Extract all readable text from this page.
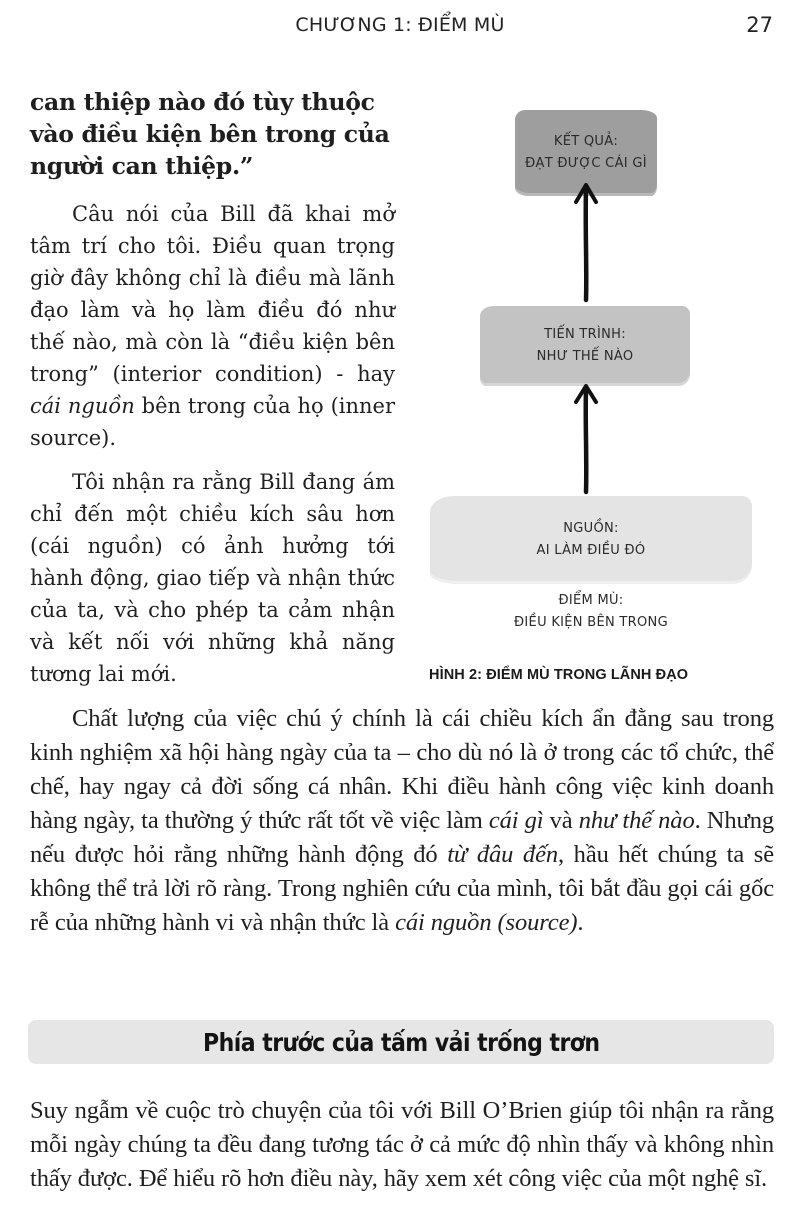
CHƯƠNG 1: ĐIỂM MÙ	27
can thiệp nào đó tùy thuộc vào điều kiện bên trong của người can thiệp.”
Câu nói của Bill đã khai mở tâm trí cho tôi. Điều quan trọng giờ đây không chỉ là điều mà lãnh đạo làm và họ làm điều đó như thế nào, mà còn là “điều kiện bên trong” (interior condition) - hay cái nguồn bên trong của họ (inner source).
Tôi nhận ra rằng Bill đang ám chỉ đến một chiều kích sâu hơn (cái nguồn) có ảnh hưởng tới hành động, giao tiếp và nhận thức của ta, và cho phép ta cảm nhận và kết nối với những khả năng tương lai mới.
KẾT QUẢ:
ĐẠT ĐƯỢC CÁI GÌ
TIẾN TRÌNH:
NHƯ THẾ NÀO
NGUỒN:
AI LÀM ĐIỀU ĐÓ
ĐIỂM MÙ:
ĐIỀU KIỆN BÊN TRONG
HÌNH 2: ĐIỂM MÙ TRONG LÃNH ĐẠO
Chất lượng của việc chú ý chính là cái chiều kích ẩn đằng sau trong kinh nghiệm xã hội hàng ngày của ta – cho dù nó là ở trong các tổ chức, thể chế, hay ngay cả đời sống cá nhân. Khi điều hành công việc kinh doanh hàng ngày, ta thường ý thức rất tốt về việc làm cái gì và như thế nào. Nhưng nếu được hỏi rằng những hành động đó từ đâu đến, hầu hết chúng ta sẽ không thể trả lời rõ ràng. Trong nghiên cứu của mình, tôi bắt đầu gọi cái gốc rễ của những hành vi và nhận thức là cái nguồn (source).
Phía trước của tấm vải trống trơn
Suy ngẫm về cuộc trò chuyện của tôi với Bill O’Brien giúp tôi nhận ra rằng mỗi ngày chúng ta đều đang tương tác ở cả mức độ nhìn thấy và không nhìn thấy được. Để hiểu rõ hơn điều này, hãy xem xét công việc của một nghệ sĩ.
